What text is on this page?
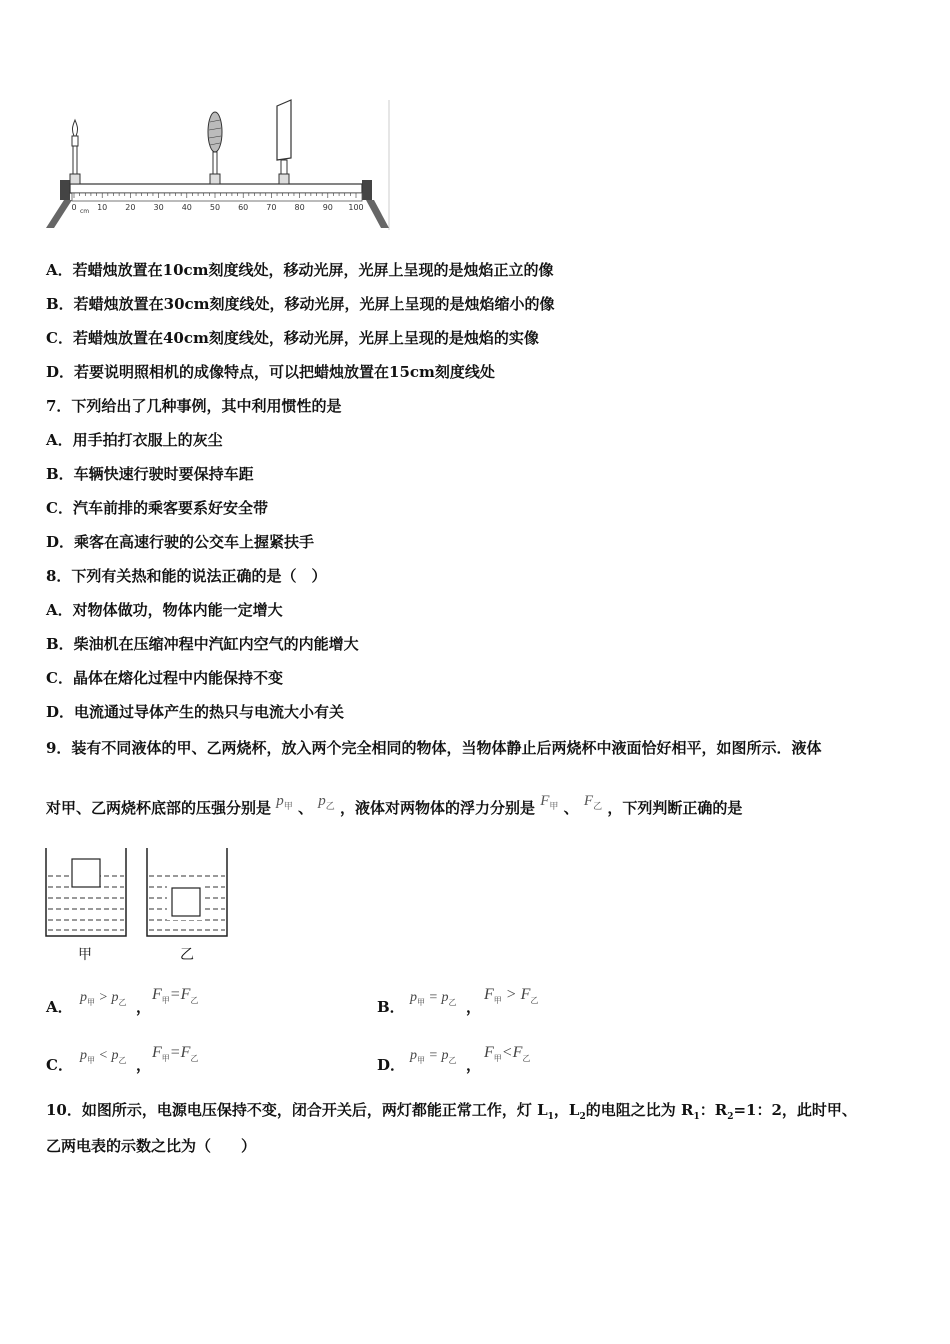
0	10 20 30 40 50 60 70 80 90 100
cm
A．若蜡烛放置在10cm刻度线处，移动光屏，光屏上呈现的是烛焰正立的像
B．若蜡烛放置在30cm刻度线处，移动光屏，光屏上呈现的是烛焰缩小的像
C．若蜡烛放置在40cm刻度线处，移动光屏，光屏上呈现的是烛焰的实像
D．若要说明照相机的成像特点，可以把蜡烛放置在15cm刻度线处
7．下列给出了几种事例，其中利用惯性的是
A．用手拍打衣服上的灰尘
B．车辆快速行驶时要保持车距
C．汽车前排的乘客要系好安全带
D．乘客在高速行驶的公交车上握紧扶手
8．下列有关热和能的说法正确的是（　）
A．对物体做功，物体内能一定增大
B．柴油机在压缩冲程中汽缸内空气的内能增大
C．晶体在熔化过程中内能保持不变
D．电流通过导体产生的热只与电流大小有关
9．装有不同液体的甲、乙两烧杯，放入两个完全相同的物体，当物体静止后两烧杯中液面恰好相平，如图所示．液体
对甲、乙两烧杯底部的压强分别是 $p_甲$ 、 $p_乙$ ，液体对两物体的浮力分别是 $F_甲$ 、 $F_乙$ ，下列判断正确的是
甲	乙
A．
$p_甲 > p_乙$ ，
$F_甲=F_乙$	B．
$p_甲 = p_乙$ ，
$F_甲 > F_乙$
C．
$p_甲 < p_乙$ ，
$F_甲=F_乙$	D．
$p_甲 = p_乙$ ，
$F_甲<F_乙$
10．如图所示，电源电压保持不变，闭合开关后，两灯都能正常工作，灯 $L_1$，$L_2$的电阻之比为 $R_1$：$R_2=1$：2，此时甲、
乙两电表的示数之比为（　　）
